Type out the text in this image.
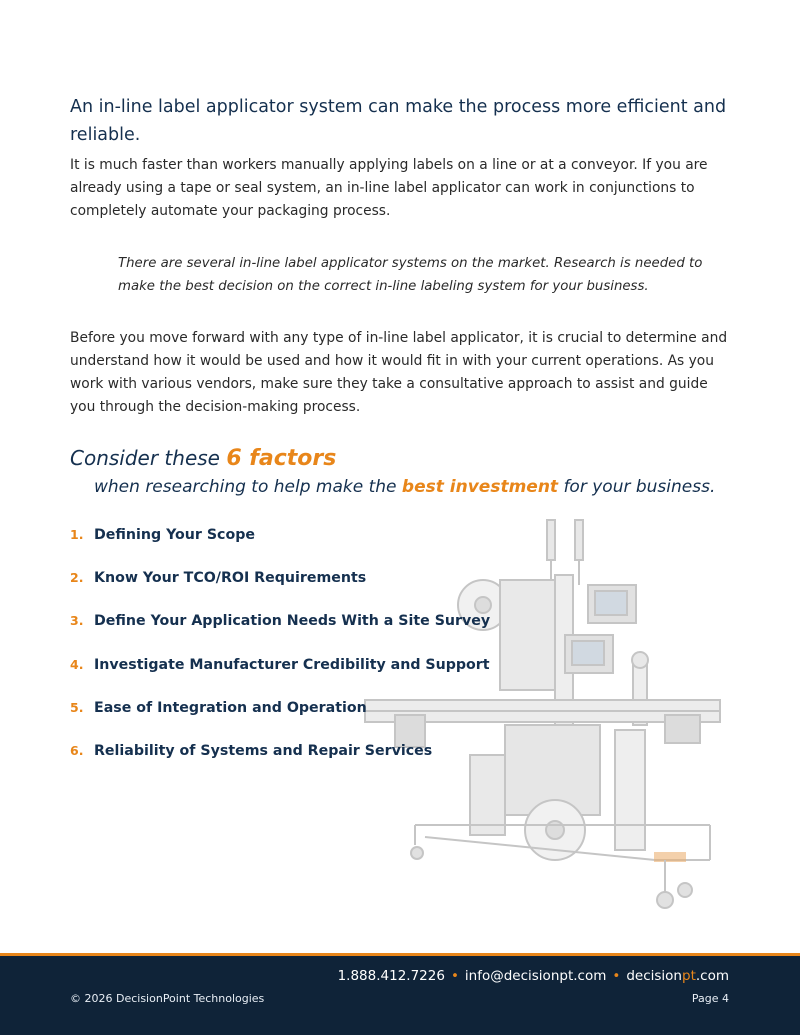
An in-line label applicator system can make the process more efficient and reliable.

It is much faster than workers manually applying labels on a line or at a conveyor. If you are already using a tape or seal system, an in-line label applicator can work in conjunctions to completely automate your packaging process.

There are several in-line label applicator systems on the market. Research is needed to make the best decision on the correct in-line labeling system for your business.

Before you move forward with any type of in-line label applicator, it is crucial to determine and understand how it would be used and how it would fit in with your current operations. As you work with various vendors, make sure they take a consultative approach to assist and guide you through the decision-making process.

Consider these 6 factors
when researching to help make the best investment for your business.
1. Defining Your Scope
2. Know Your TCO/ROI Requirements
3. Define Your Application Needs With a Site Survey
4. Investigate Manufacturer Credibility and Support
5. Ease of Integration and Operation
6. Reliability of Systems and Repair Services
1.888.412.7226 • info@decisionpt.com • decisionpt.com
© 2026 DecisionPoint Technologies	Page 4
